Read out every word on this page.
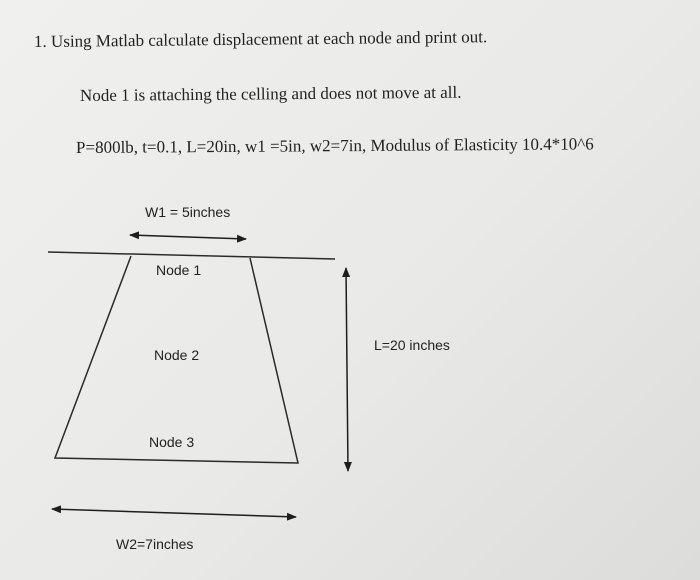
1. Using Matlab calculate displacement at each node and print out.
Node 1 is attaching the celling and does not move at all.
P=800lb, t=0.1, L=20in, w1 =5in, w2=7in, Modulus of Elasticity 10.4*10^6
W1 = 5inches
Node 1
Node 2
Node 3
L=20 inches
W2=7inches
